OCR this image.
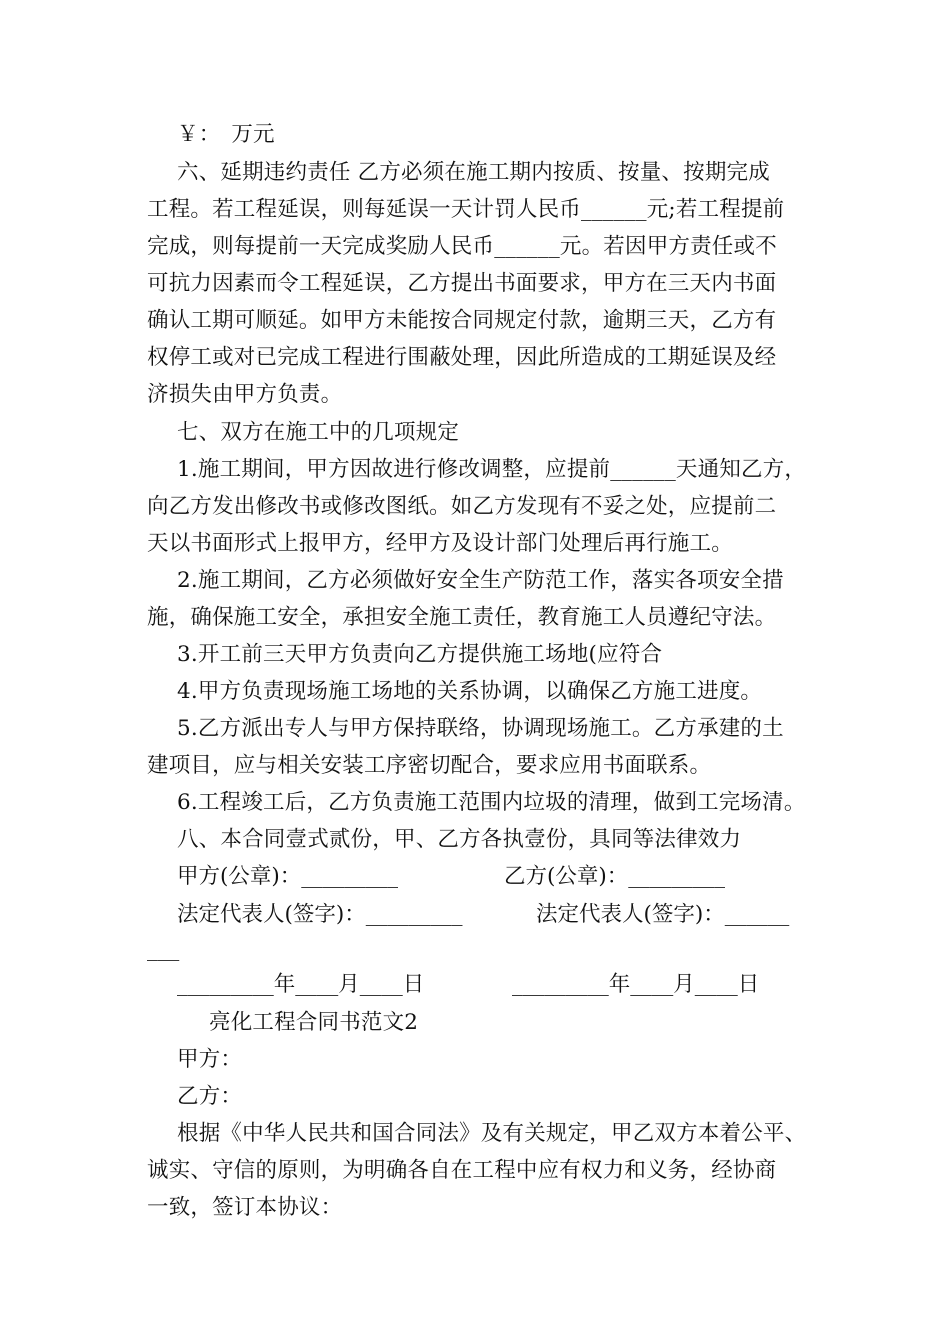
￥：　万元
六、延期违约责任 乙方必须在施工期内按质、按量、按期完成
工程。若工程延误，则每延误一天计罚人民币______元;若工程提前
完成，则每提前一天完成奖励人民币______元。若因甲方责任或不
可抗力因素而令工程延误，乙方提出书面要求，甲方在三天内书面
确认工期可顺延。如甲方未能按合同规定付款，逾期三天，乙方有
权停工或对已完成工程进行围蔽处理，因此所造成的工期延误及经
济损失由甲方负责。
七、双方在施工中的几项规定
1.施工期间，甲方因故进行修改调整，应提前______天通知乙方，
向乙方发出修改书或修改图纸。如乙方发现有不妥之处，应提前二
天以书面形式上报甲方，经甲方及设计部门处理后再行施工。
2.施工期间，乙方必须做好安全生产防范工作，落实各项安全措
施，确保施工安全，承担安全施工责任，教育施工人员遵纪守法。
3.开工前三天甲方负责向乙方提供施工场地(应符合
4.甲方负责现场施工场地的关系协调，以确保乙方施工进度。
5.乙方派出专人与甲方保持联络，协调现场施工。乙方承建的土
建项目，应与相关安装工序密切配合，要求应用书面联系。
6.工程竣工后，乙方负责施工范围内垃圾的清理，做到工完场清。
八、本合同壹式贰份，甲、乙方各执壹份，具同等法律效力
甲方(公章)：_________	乙方(公章)：_________
法定代表人(签字)：_________	法定代表人(签字)：______
___
_________年____月____日	_________年____月____日
亮化工程合同书范文2
甲方：
乙方：
根据《中华人民共和国合同法》及有关规定，甲乙双方本着公平、
诚实、守信的原则，为明确各自在工程中应有权力和义务，经协商
一致，签订本协议：
